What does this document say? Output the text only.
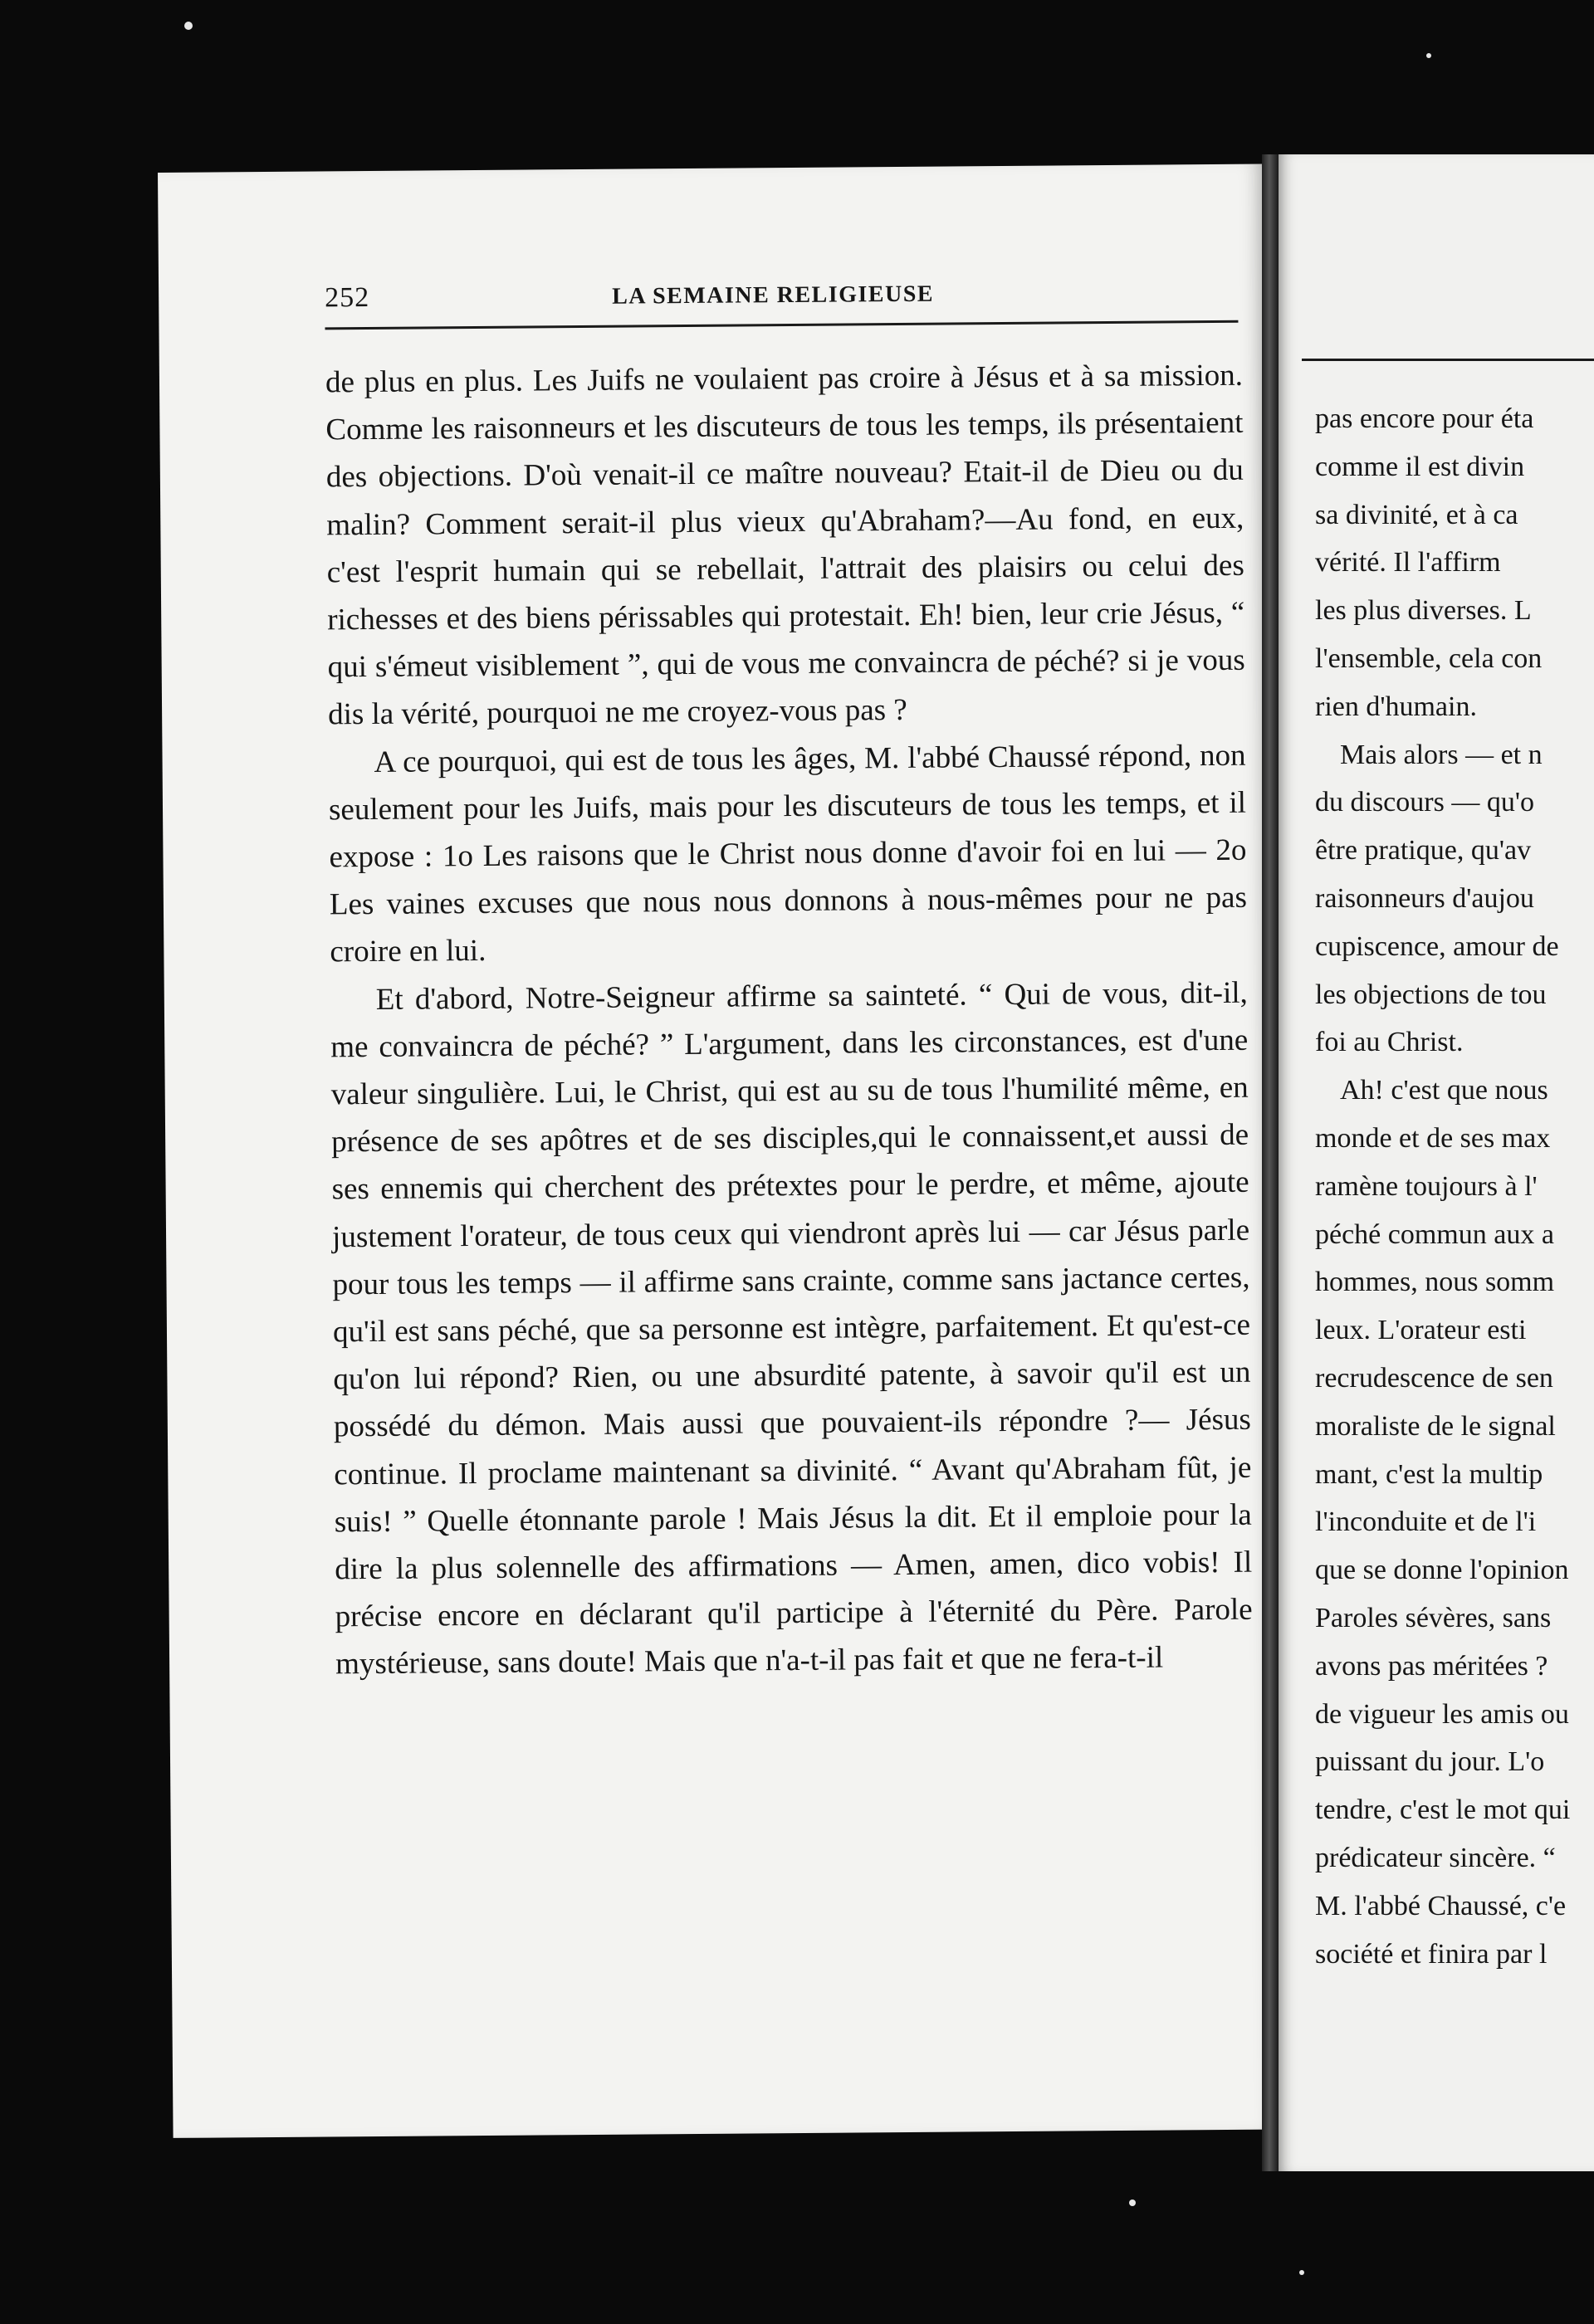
252	LA SEMAINE RELIGIEUSE

de plus en plus. Les Juifs ne voulaient pas croire à Jésus et à sa mission. Comme les raisonneurs et les discuteurs de tous les temps, ils présentaient des objections. D'où venait-il ce maître nouveau? Etait-il de Dieu ou du malin? Comment serait-il plus vieux qu'Abraham?—Au fond, en eux, c'est l'esprit humain qui se rebellait, l'attrait des plaisirs ou celui des richesses et des biens périssables qui protestait. Eh! bien, leur crie Jésus, “ qui s'émeut visiblement ”, qui de vous me convaincra de péché? si je vous dis la vérité, pourquoi ne me croyez-vous pas ?

A ce pourquoi, qui est de tous les âges, M. l'abbé Chaussé répond, non seulement pour les Juifs, mais pour les discuteurs de tous les temps, et il expose : 1o Les raisons que le Christ nous donne d'avoir foi en lui — 2o Les vaines excuses que nous nous donnons à nous-mêmes pour ne pas croire en lui.

Et d'abord, Notre-Seigneur affirme sa sainteté. “ Qui de vous, dit-il, me convaincra de péché? ” L'argument, dans les circonstances, est d'une valeur singulière. Lui, le Christ, qui est au su de tous l'humilité même, en présence de ses apôtres et de ses disciples,qui le connaissent,et aussi de ses ennemis qui cherchent des prétextes pour le perdre, et même, ajoute justement l'orateur, de tous ceux qui viendront après lui — car Jésus parle pour tous les temps — il affirme sans crainte, comme sans jactance certes, qu'il est sans péché, que sa personne est intègre, parfaitement. Et qu'est-ce qu'on lui répond? Rien, ou une absurdité patente, à savoir qu'il est un possédé du démon. Mais aussi que pouvaient-ils répondre ?— Jésus continue. Il proclame maintenant sa divinité. “ Avant qu'Abraham fût, je suis! ” Quelle étonnante parole ! Mais Jésus la dit. Et il emploie pour la dire la plus solennelle des affirmations — Amen, amen, dico vobis! Il précise encore en déclarant qu'il participe à l'éternité du Père. Parole mystérieuse, sans doute! Mais que n'a-t-il pas fait et que ne fera-t-il

pas encore pour éta
comme il est divin
sa divinité, et à ca
vérité. Il l'affirm
les plus diverses. L
l'ensemble, cela con
rien d'humain.
Mais alors — et n
du discours — qu'o
être pratique, qu'av
raisonneurs d'aujou
cupiscence, amour de
les objections de tou
foi au Christ.
Ah! c'est que nous
monde et de ses max
ramène toujours à l'
péché commun aux a
hommes, nous somm
leux. L'orateur esti
recrudescence de sen
moraliste de le signal
mant, c'est la multip
l'inconduite et de l'i
que se donne l'opinion
Paroles sévères, sans
avons pas méritées ?
de vigueur les amis ou
puissant du jour. L'o
tendre, c'est le mot qui
prédicateur sincère. “
M. l'abbé Chaussé, c'e
société et finira par l
